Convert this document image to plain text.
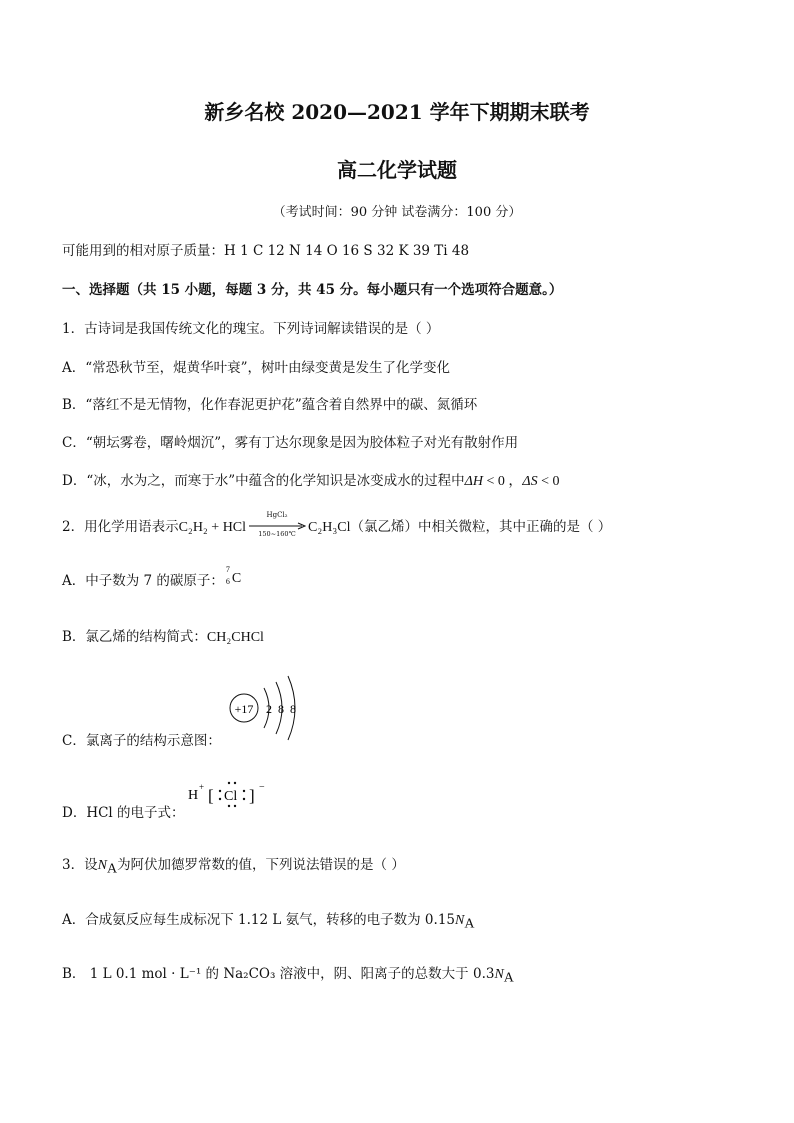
新乡名校 2020—2021 学年下期期末联考
高二化学试题
（考试时间：90 分钟 试卷满分：100 分）
可能用到的相对原子质量：H 1 C 12 N 14 O 16 S 32 K 39 Ti 48
一、选择题（共 15 小题，每题 3 分，共 45 分。每小题只有一个选项符合题意。）
1．古诗词是我国传统文化的瑰宝。下列诗词解读错误的是（ ）
A．“常恐秋节至，焜黄华叶衰”，树叶由绿变黄是发生了化学变化
B．“落红不是无情物，化作春泥更护花”蕴含着自然界中的碳、氮循环
C．“朝坛雾卷，曙岭烟沉”，雾有丁达尔现象是因为胶体粒子对光有散射作用
D．“冰，水为之，而寒于水”中蕴含的化学知识是冰变成水的过程中ΔH < 0 ，ΔS < 0
2．用化学用语表示C₂H₂ + HCl
HgCl₂
150~160℃ C₂H₃Cl（氯乙烯）中相关微粒，其中正确的是（ ）
A．中子数为 7 的碳原子：
7
6 C
B．氯乙烯的结构简式：CH₂CHCl
+17 2 8 8
C．氯离子的结构示意图：
H
+ [ Cl ] −
D．HCl 的电子式：
3．设$N_A$为阿伏加德罗常数的值，下列说法错误的是（ ）
A．合成氨反应每生成标况下 1.12 L 氨气，转移的电子数为 $0.15N_A$
B． 1 L 0.1 mol · L⁻¹ 的 Na₂CO₃ 溶液中，阴、阳离子的总数大于 $0.3N_A$
